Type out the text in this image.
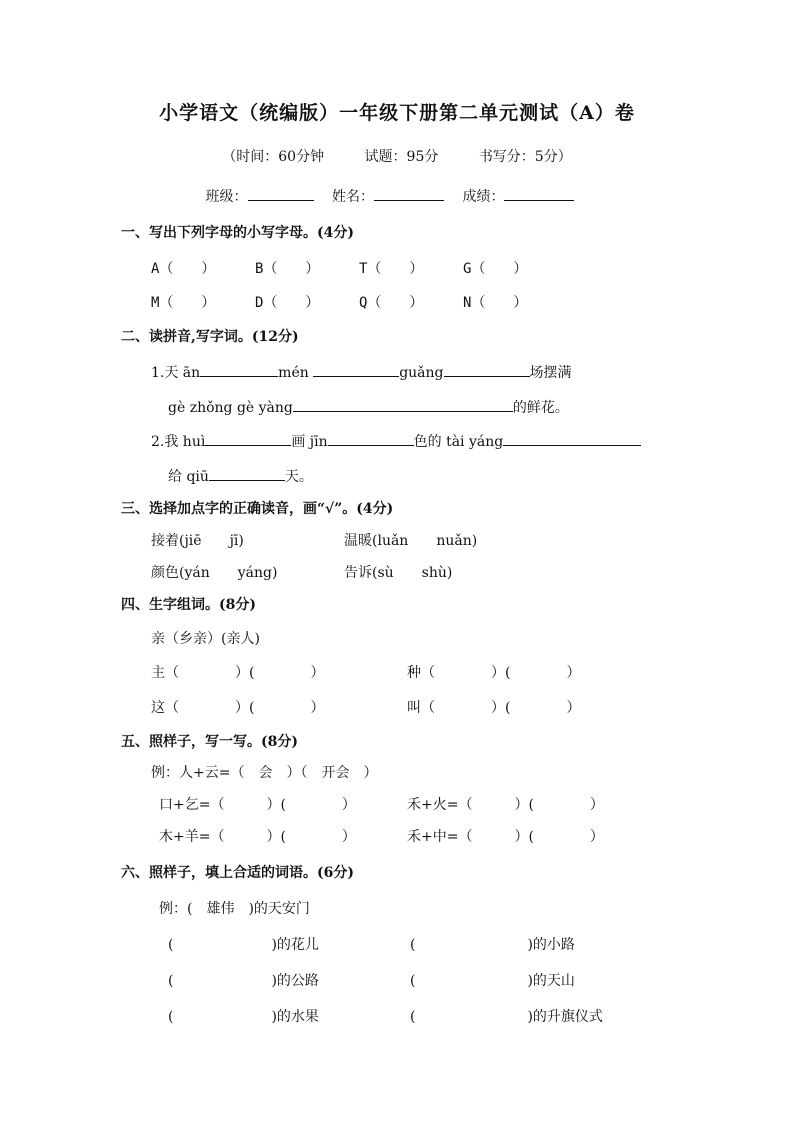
小学语文（统编版）一年级下册第二单元测试（A）卷
（时间：60分钟	试题：95分	书写分：5分）
班级：	姓名：	成绩：
一、写出下列字母的小写字母。(4分)
A（　　）	B（　　）	T（　　）	G（　　）
M（　　）	D（　　）	Q（　　）	N（　　）
二、读拼音,写字词。(12分)
1.天 ān	mén	guǎng	场摆满
gè zhǒng gè yàng	的鲜花。
2.我 huì	画 jīn	色的 tài yáng
给 qiū	天。
三、选择加点字的正确读音，画“√”。(4分)
接着(jiē　　jī)	温暖(luǎn　　nuǎn)
颜色(yán　　yáng)	告诉(sù　　shù)
四、生字组词。(8分)
亲（乡亲）(亲人)
主（　　　　）(　　　　）	种（　　　　）(　　　　）
这（　　　　）(　　　　）	叫（　　　　）(　　　　）
五、照样子，写一写。(8分)
例：人+云=（　会　）（　开会　）
口+乞=（　　　）(　　　　）	禾+火=（　　　）(　　　　）
木+羊=（　　　）(　　　　）	禾+中=（　　　）(　　　　）
六、照样子，填上合适的词语。(6分)
例：(　雄伟　)的天安门
(　　　　　　　)的花儿	(　　　　　　　　)的小路
(　　　　　　　)的公路	(　　　　　　　　)的天山
(　　　　　　　)的水果	(　　　　　　　　)的升旗仪式
